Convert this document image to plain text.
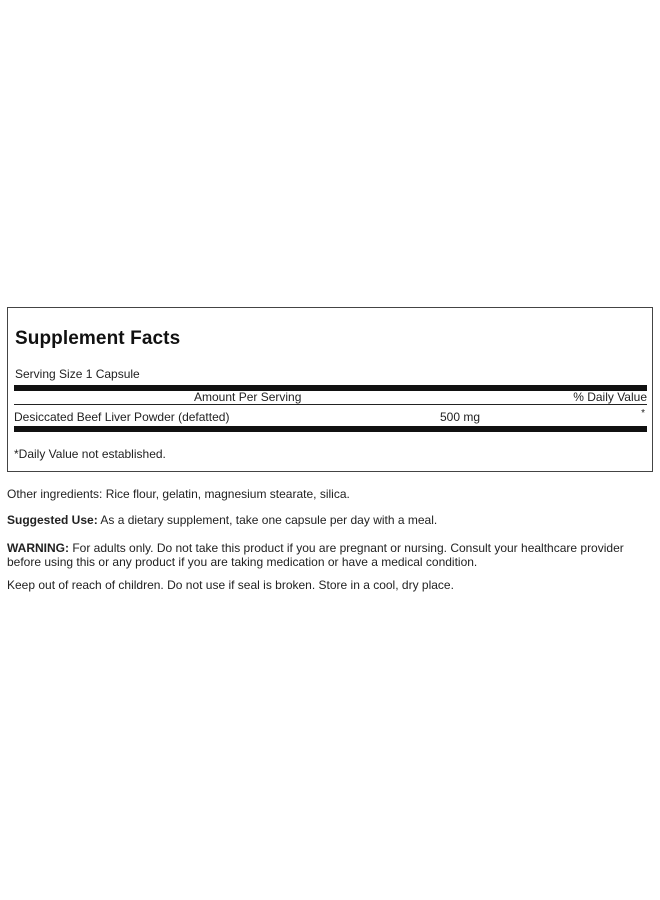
Supplement Facts
Serving Size 1 Capsule
Amount Per Serving	% Daily Value
Desiccated Beef Liver Powder (defatted)	500 mg	*
*Daily Value not established.
Other ingredients: Rice flour, gelatin, magnesium stearate, silica.
Suggested Use: As a dietary supplement, take one capsule per day with a meal.
WARNING: For adults only. Do not take this product if you are pregnant or nursing. Consult your healthcare provider before using this or any product if you are taking medication or have a medical condition.
Keep out of reach of children. Do not use if seal is broken. Store in a cool, dry place.
